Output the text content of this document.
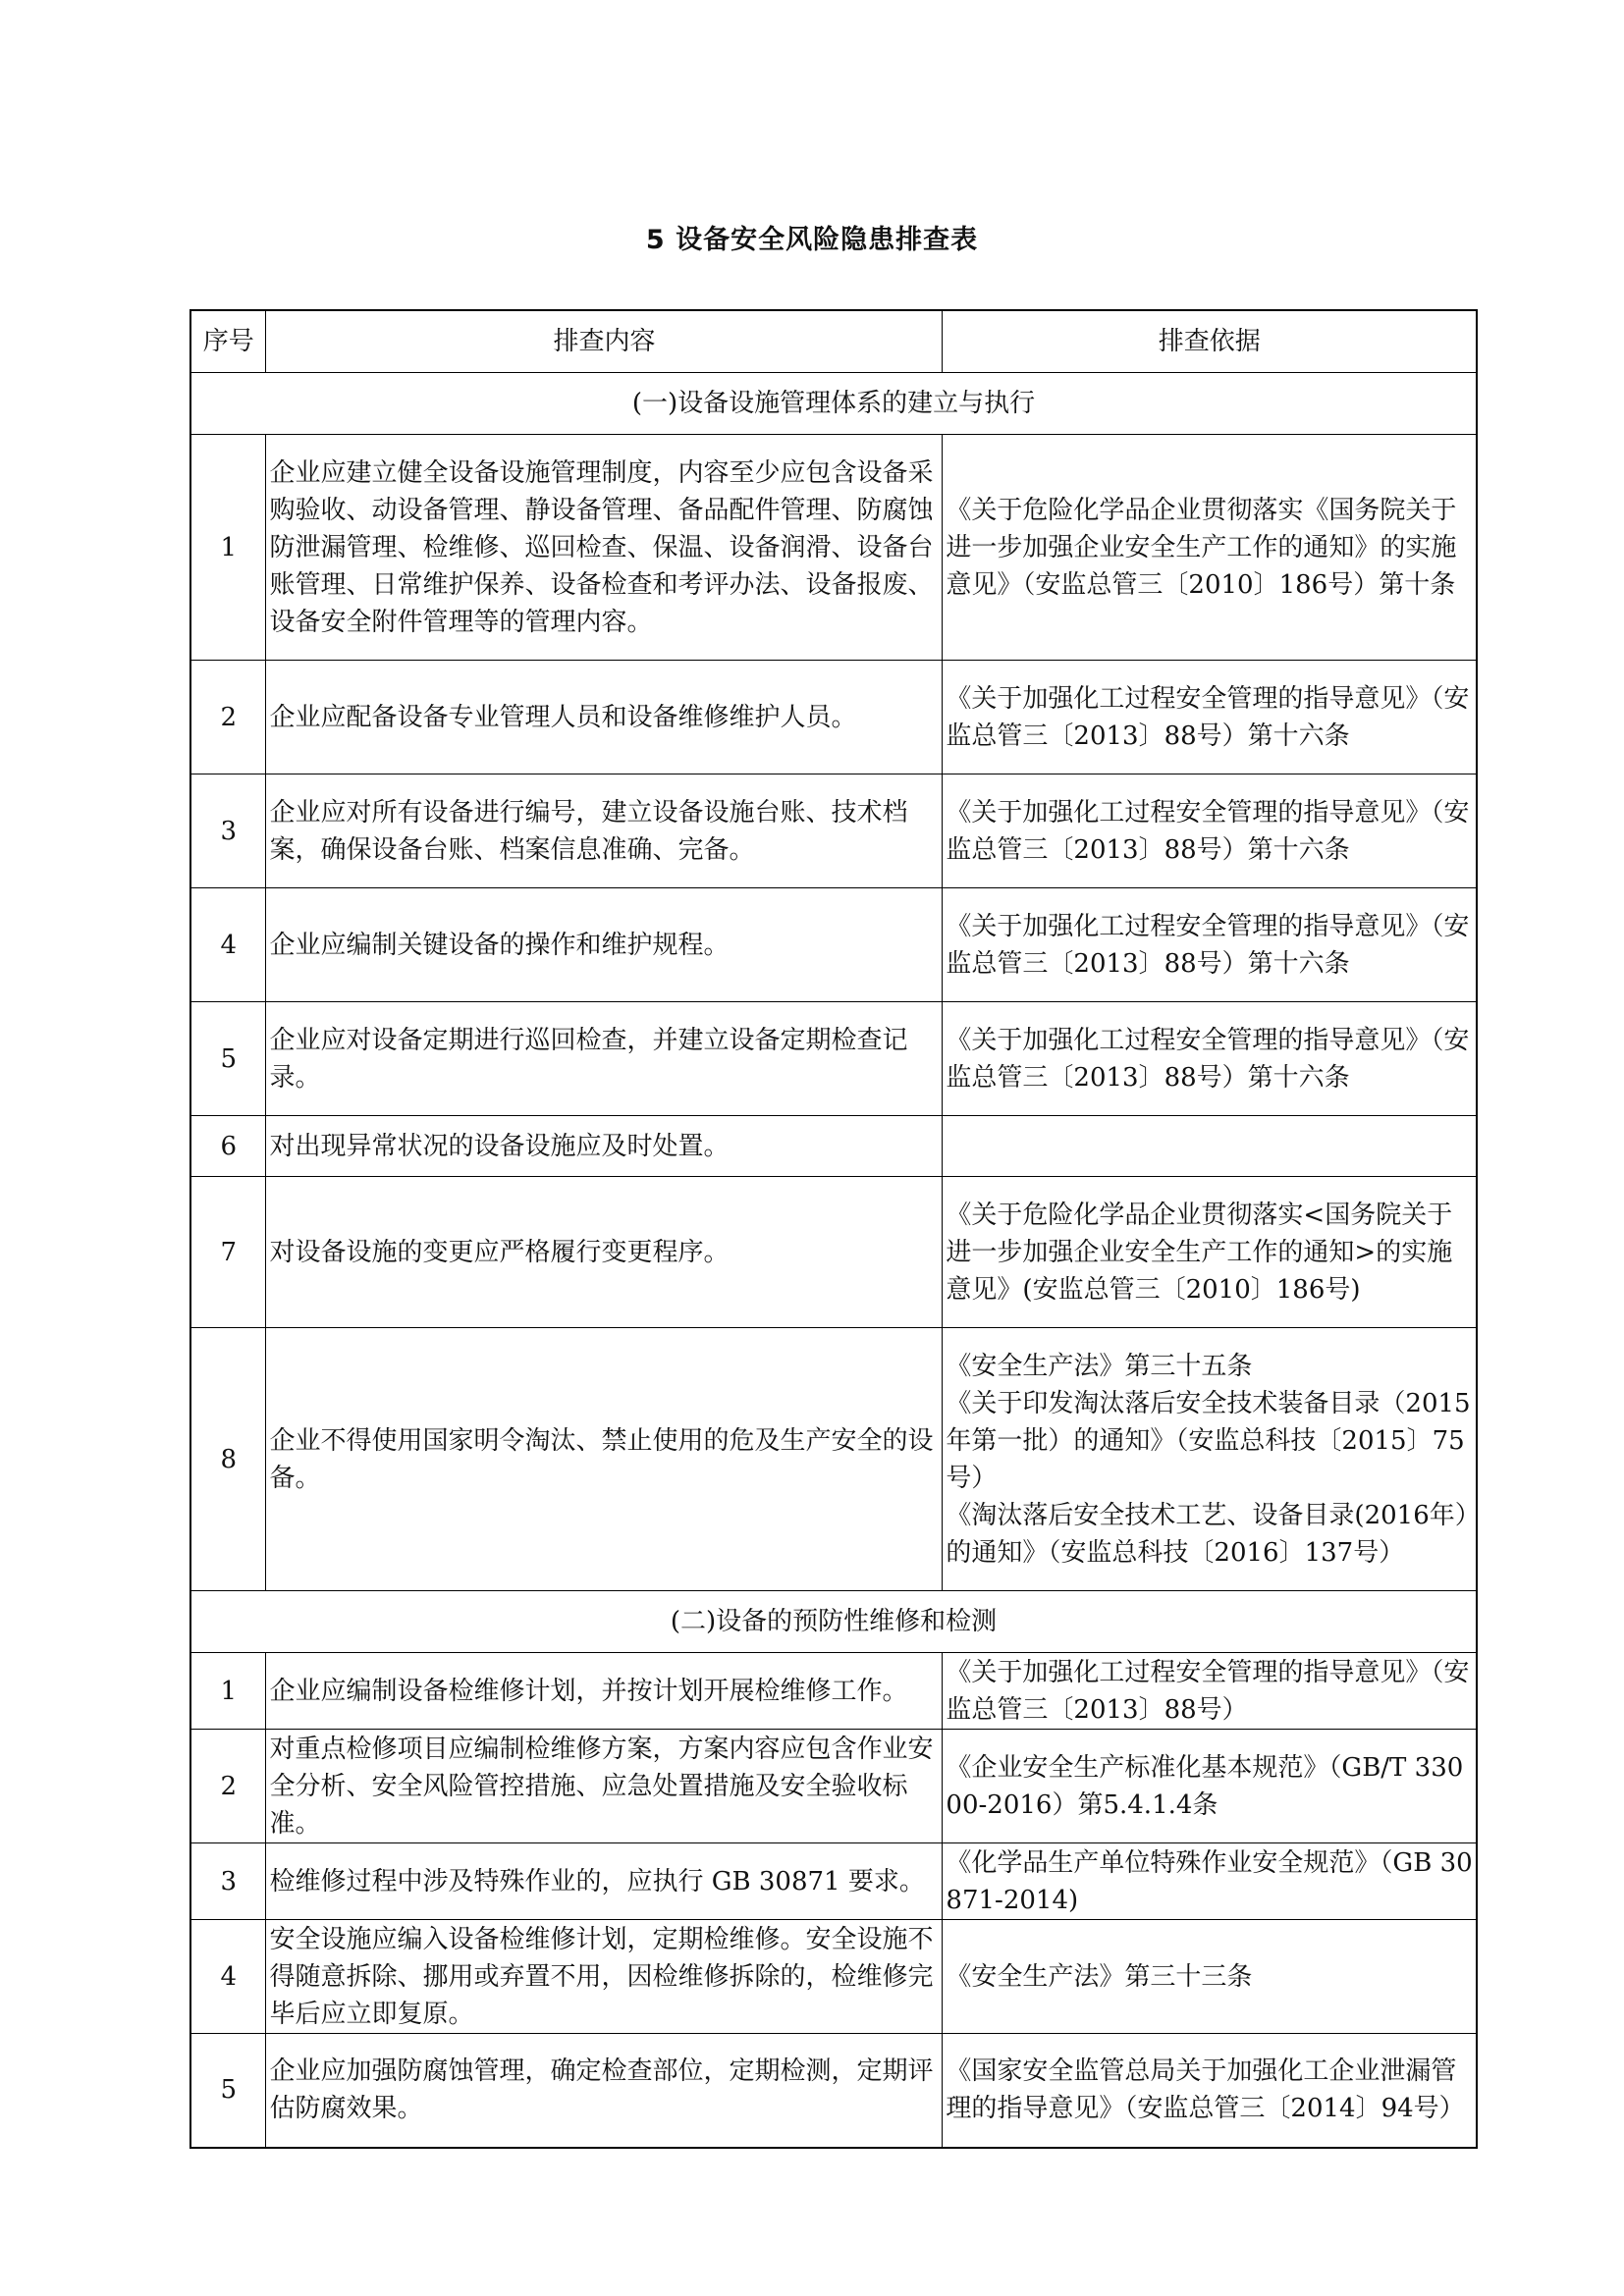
5 设备安全风险隐患排查表
序号	排查内容	排查依据
(一)设备设施管理体系的建立与执行		
1	企业应建立健全设备设施管理制度，内容至少应包含设备采购验收、动设备管理、静设备管理、备品配件管理、防腐蚀防泄漏管理、检维修、巡回检查、保温、设备润滑、设备台账管理、日常维护保养、设备检查和考评办法、设备报废、设备安全附件管理等的管理内容。	《关于危险化学品企业贯彻落实《国务院关于进一步加强企业安全生产工作的通知》的实施意见》（安监总管三〔2010〕186号）第十条
2	企业应配备设备专业管理人员和设备维修维护人员。	《关于加强化工过程安全管理的指导意见》（安监总管三〔2013〕88号）第十六条
3	企业应对所有设备进行编号，建立设备设施台账、技术档案，确保设备台账、档案信息准确、完备。	《关于加强化工过程安全管理的指导意见》（安监总管三〔2013〕88号）第十六条
4	企业应编制关键设备的操作和维护规程。	《关于加强化工过程安全管理的指导意见》（安监总管三〔2013〕88号）第十六条
5	企业应对设备定期进行巡回检查，并建立设备定期检查记录。	《关于加强化工过程安全管理的指导意见》（安监总管三〔2013〕88号）第十六条
6	对出现异常状况的设备设施应及时处置。	
7	对设备设施的变更应严格履行变更程序。	《关于危险化学品企业贯彻落实<国务院关于进一步加强企业安全生产工作的通知>的实施意见》(安监总管三〔2010〕186号)
8	企业不得使用国家明令淘汰、禁止使用的危及生产安全的设备。	《安全生产法》第三十五条
《关于印发淘汰落后安全技术装备目录（2015年第一批）的通知》（安监总科技〔2015〕75号）
《淘汰落后安全技术工艺、设备目录(2016年）的通知》（安监总科技〔2016〕137号）

(二)设备的预防性维修和检测		
1	企业应编制设备检维修计划，并按计划开展检维修工作。	《关于加强化工过程安全管理的指导意见》（安监总管三〔2013〕88号）
2	对重点检修项目应编制检维修方案，方案内容应包含作业安全分析、安全风险管控措施、应急处置措施及安全验收标准。	《企业安全生产标准化基本规范》（GB/T 33000-2016）第5.4.1.4条
3	检维修过程中涉及特殊作业的，应执行 GB 30871 要求。	《化学品生产单位特殊作业安全规范》（GB 30871-2014)
4	安全设施应编入设备检维修计划，定期检维修。安全设施不得随意拆除、挪用或弃置不用，因检维修拆除的，检维修完毕后应立即复原。	《安全生产法》第三十三条
5	企业应加强防腐蚀管理，确定检查部位，定期检测，定期评估防腐效果。	《国家安全监管总局关于加强化工企业泄漏管理的指导意见》（安监总管三〔2014〕94号）
